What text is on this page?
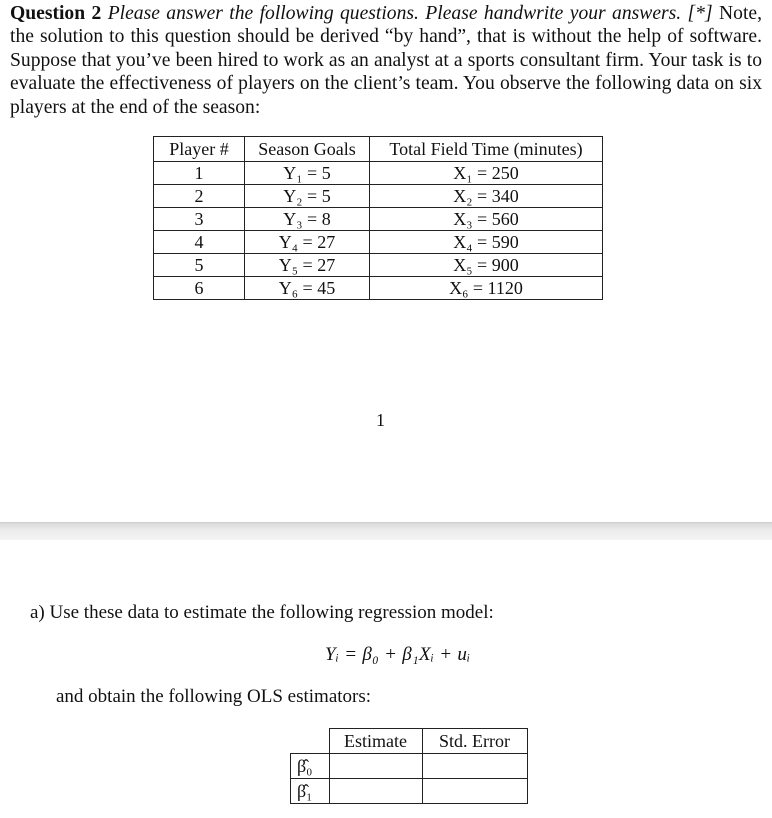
Question 2 Please answer the following questions. Please handwrite your answers. [*] Note, the solution to this question should be derived “by hand”, that is without the help of software. Suppose that you’ve been hired to work as an analyst at a sports consultant firm. Your task is to evaluate the effectiveness of players on the client’s team. You observe the following data on six players at the end of the season:
Player #	Season Goals	Total Field Time (minutes)
1	Y₁ = 5	X₁ = 250
2	Y₂ = 5	X₂ = 340
3	Y₃ = 8	X₃ = 560
4	Y₄ = 27	X₄ = 590
5	Y₅ = 27	X₅ = 900
6	Y₆ = 45	X₆ = 1120
1
a) Use these data to estimate the following regression model:
Yᵢ = β₀ + β₁Xᵢ + uᵢ
and obtain the following OLS estimators:
	Estimate	Std. Error
β̂₀		
β̂₁		
